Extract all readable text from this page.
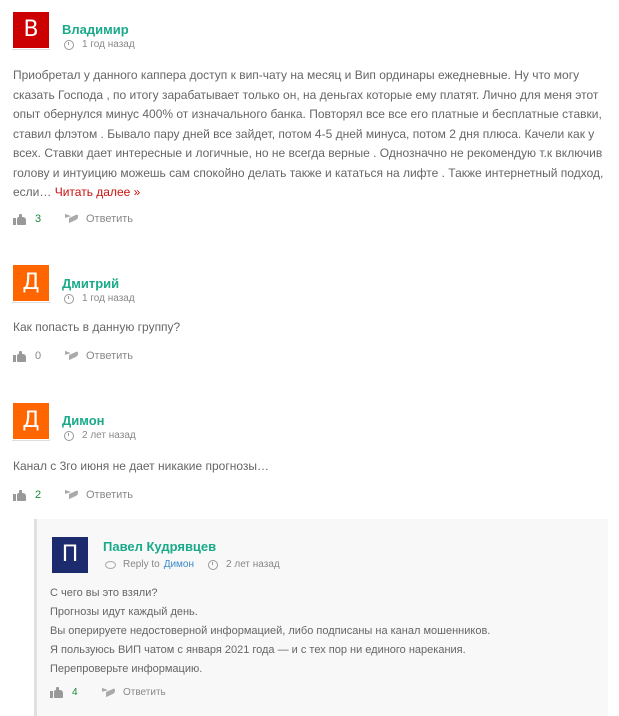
В	Владимир
1 год назад
Приобретал у данного каппера доступ к вип-чату на месяц и Вип ординары ежедневные. Ну что могу сказать Господа , по итогу зарабатывает только он, на деньгах которые ему платят. Лично для меня этот опыт обернулся минус 400% от изначального банка. Повторял все все его платные и бесплатные ставки, ставил флэтом . Бывало пару дней все зайдет, потом 4-5 дней минуса, потом 2 дня плюса. Качели как у всех. Ставки дает интересные и логичные, но не всегда верные . Однозначно не рекомендую т.к включив голову и интуицию можешь сам спокойно делать также и кататься на лифте . Также интернетный подход, если… Читать далее »
3	Ответить
Д	Дмитрий
1 год назад
Как попасть в данную группу?
0	Ответить
Д	Димон
2 лет назад
Канал с 3го июня не дает никакие прогнозы…
2	Ответить
П	Павел Кудрявцев
Reply to Димон	2 лет назад
С чего вы это взяли?
Прогнозы идут каждый день.
Вы оперируете недостоверной информацией, либо подписаны на канал мошенников.
Я пользуюсь ВИП чатом с января 2021 года — и с тех пор ни единого нарекания.
Перепроверьте информацию.
4	Ответить
